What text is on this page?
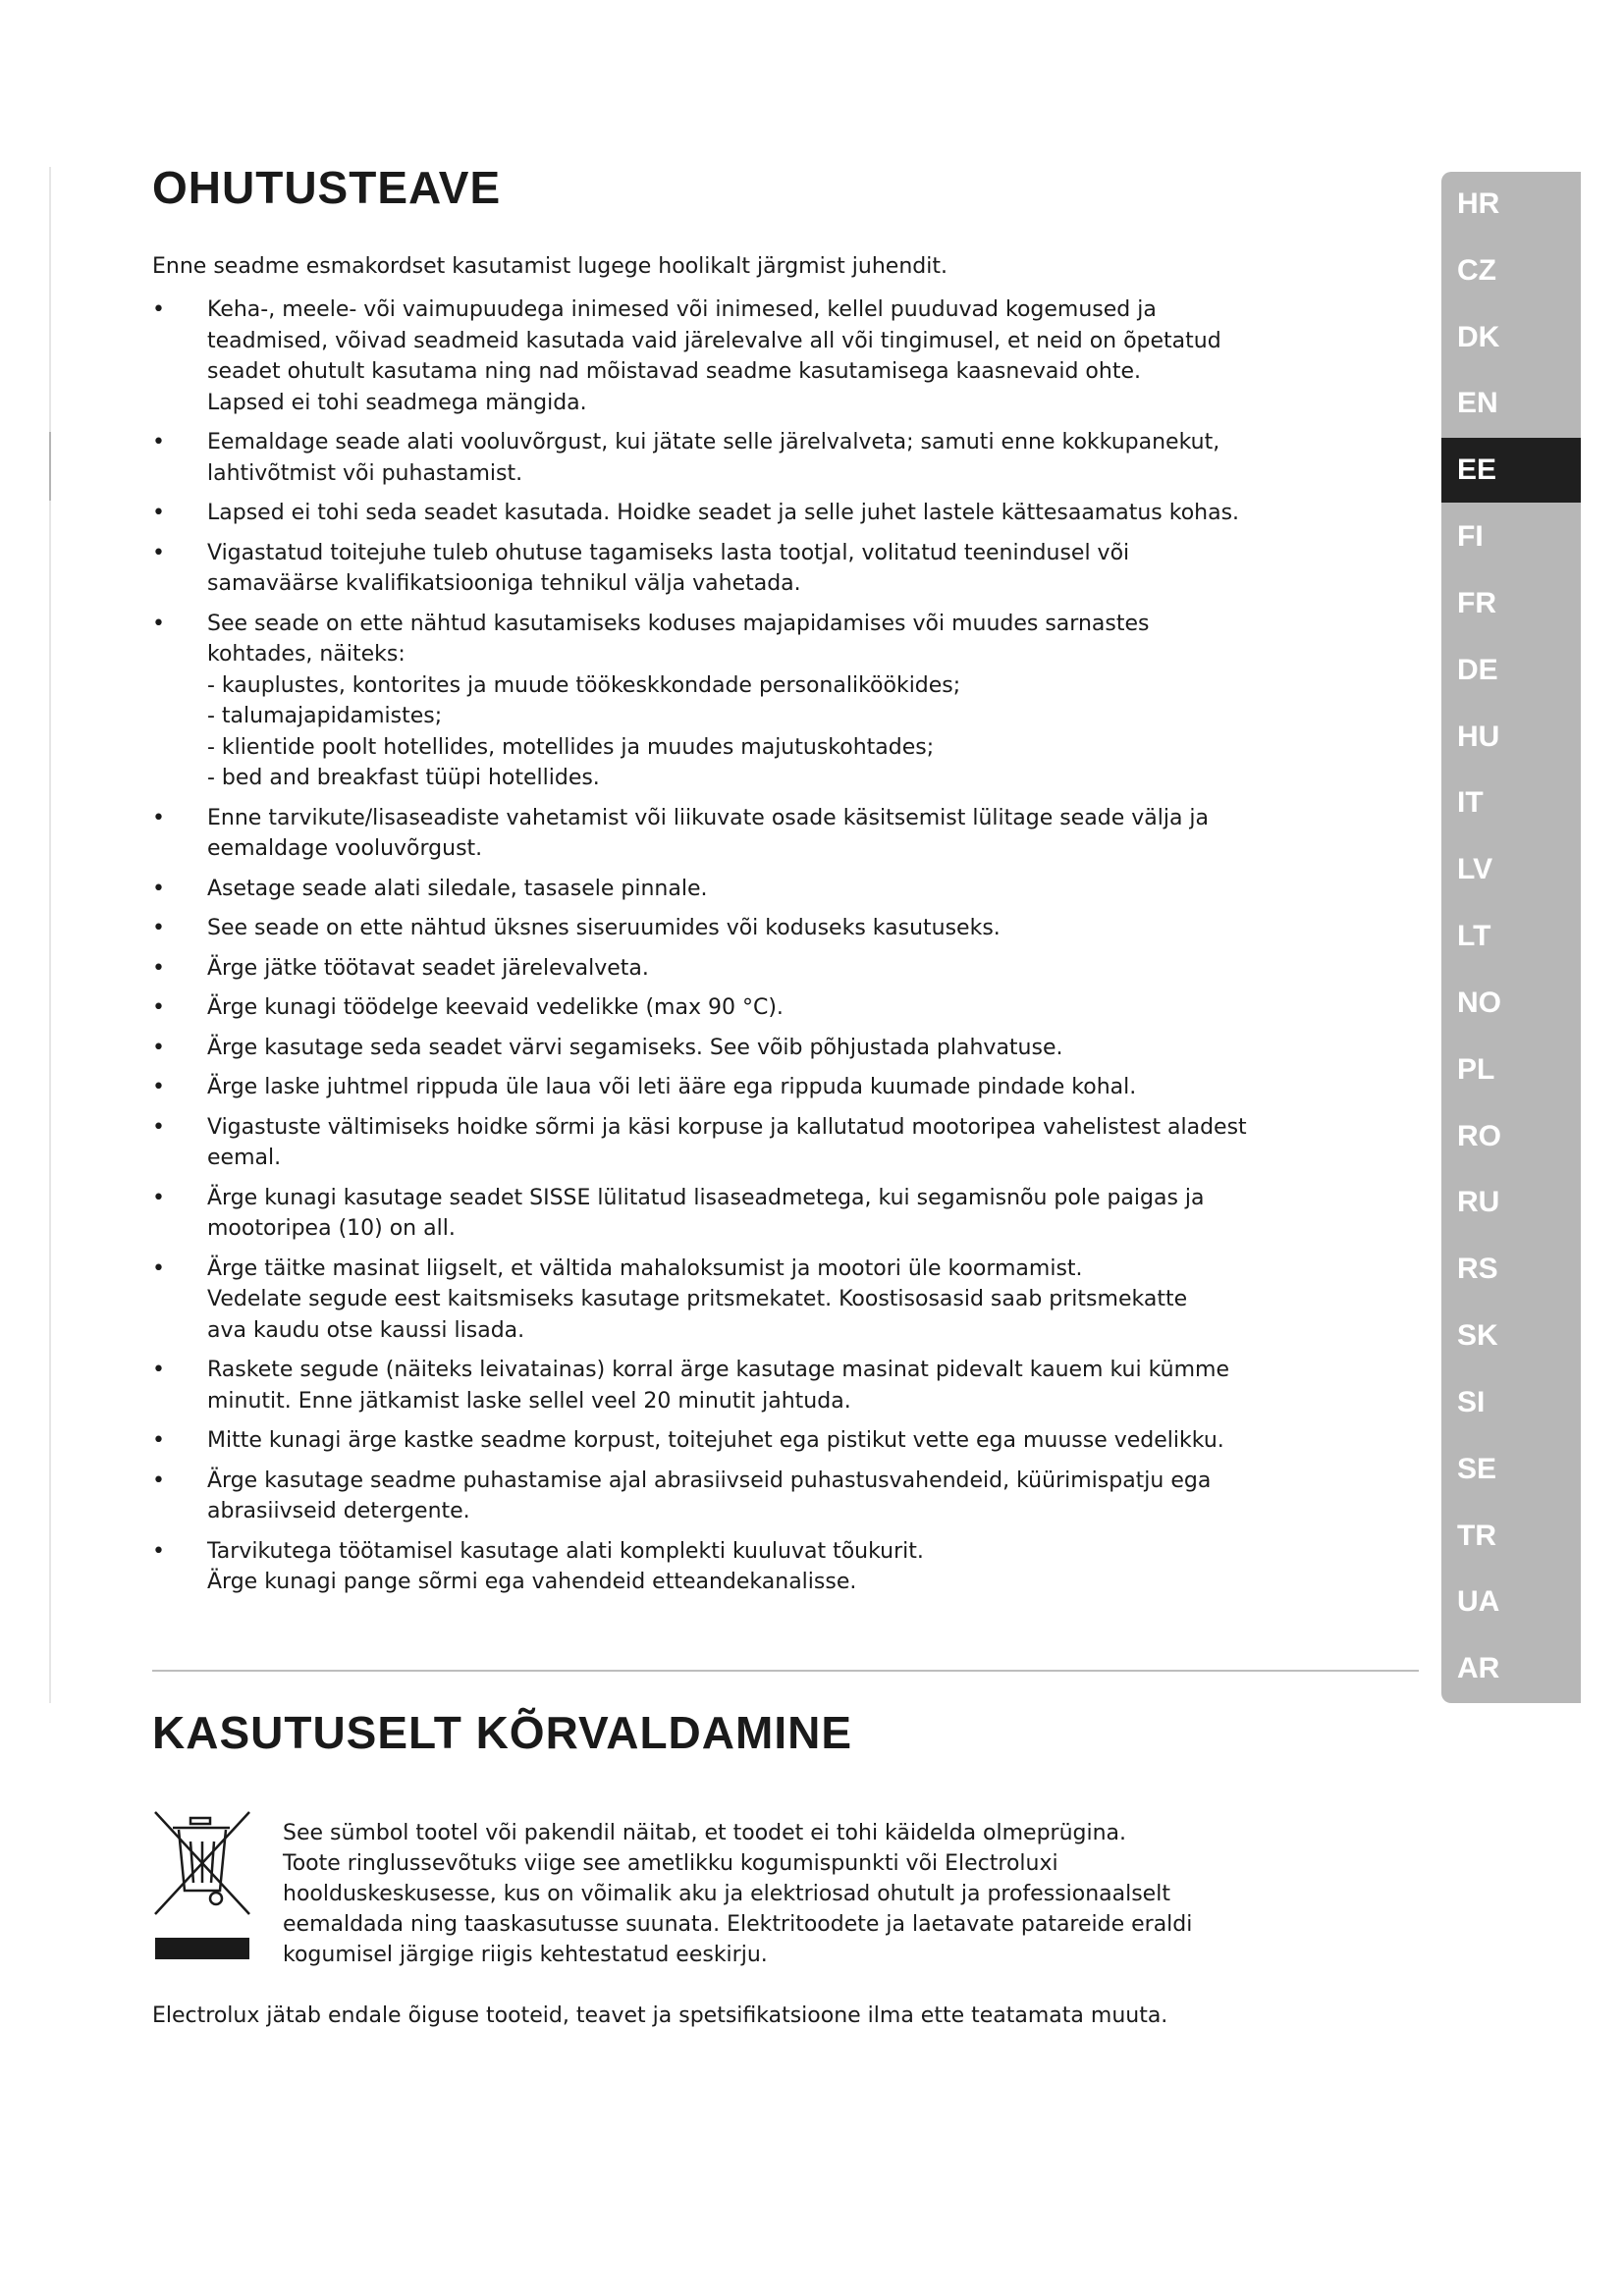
OHUTUSTEAVE
Enne seadme esmakordset kasutamist lugege hoolikalt järgmist juhendit.
• Keha-, meele- või vaimupuudega inimesed või inimesed, kellel puuduvad kogemused ja
teadmised, võivad seadmeid kasutada vaid järelevalve all või tingimusel, et neid on õpetatud
seadet ohutult kasutama ning nad mõistavad seadme kasutamisega kaasnevaid ohte.
Lapsed ei tohi seadmega mängida.
• Eemaldage seade alati vooluvõrgust, kui jätate selle järelvalveta; samuti enne kokkupanekut,
lahtivõtmist või puhastamist.
• Lapsed ei tohi seda seadet kasutada. Hoidke seadet ja selle juhet lastele kättesaamatus kohas.
• Vigastatud toitejuhe tuleb ohutuse tagamiseks lasta tootjal, volitatud teenindusel või
samaväärse kvalifikatsiooniga tehnikul välja vahetada.
• See seade on ette nähtud kasutamiseks koduses majapidamises või muudes sarnastes
kohtades, näiteks:
- kauplustes, kontorites ja muude töökeskkondade personaliköökides;
- talumajapidamistes;
- klientide poolt hotellides, motellides ja muudes majutuskohtades;
- bed and breakfast tüüpi hotellides.
• Enne tarvikute/lisaseadiste vahetamist või liikuvate osade käsitsemist lülitage seade välja ja
eemaldage vooluvõrgust.
• Asetage seade alati siledale, tasasele pinnale.
• See seade on ette nähtud üksnes siseruumides või koduseks kasutuseks.
• Ärge jätke töötavat seadet järelevalveta.
• Ärge kunagi töödelge keevaid vedelikke (max 90 °C).
• Ärge kasutage seda seadet värvi segamiseks. See võib põhjustada plahvatuse.
• Ärge laske juhtmel rippuda üle laua või leti ääre ega rippuda kuumade pindade kohal.
• Vigastuste vältimiseks hoidke sõrmi ja käsi korpuse ja kallutatud mootoripea vahelistest aladest
eemal.
• Ärge kunagi kasutage seadet SISSE lülitatud lisaseadmetega, kui segamisnõu pole paigas ja
mootoripea (10) on all.
• Ärge täitke masinat liigselt, et vältida mahaloksumist ja mootori üle koormamist.
Vedelate segude eest kaitsmiseks kasutage pritsmekatet. Koostisosasid saab pritsmekatte
ava kaudu otse kaussi lisada.
• Raskete segude (näiteks leivatainas) korral ärge kasutage masinat pidevalt kauem kui kümme
minutit. Enne jätkamist laske sellel veel 20 minutit jahtuda.
• Mitte kunagi ärge kastke seadme korpust, toitejuhet ega pistikut vette ega muusse vedelikku.
• Ärge kasutage seadme puhastamise ajal abrasiivseid puhastusvahendeid, küürimispatju ega
abrasiivseid detergente.
• Tarvikutega töötamisel kasutage alati komplekti kuuluvat tõukurit.
Ärge kunagi pange sõrmi ega vahendeid etteandekanalisse.
KASUTUSELT KÕRVALDAMINE
See sümbol tootel või pakendil näitab, et toodet ei tohi käidelda olmeprügina.
Toote ringlussevõtuks viige see ametlikku kogumispunkti või Electroluxi
hoolduskeskusesse, kus on võimalik aku ja elektriosad ohutult ja professionaalselt
eemaldada ning taaskasutusse suunata. Elektritoodete ja laetavate patareide eraldi
kogumisel järgige riigis kehtestatud eeskirju.
Electrolux jätab endale õiguse tooteid, teavet ja spetsifikatsioone ilma ette teatamata muuta.
HR
CZ
DK
EN
EE
FI
FR
DE
HU
IT
LV
LT
NO
PL
RO
RU
RS
SK
SI
SE
TR
UA
AR
